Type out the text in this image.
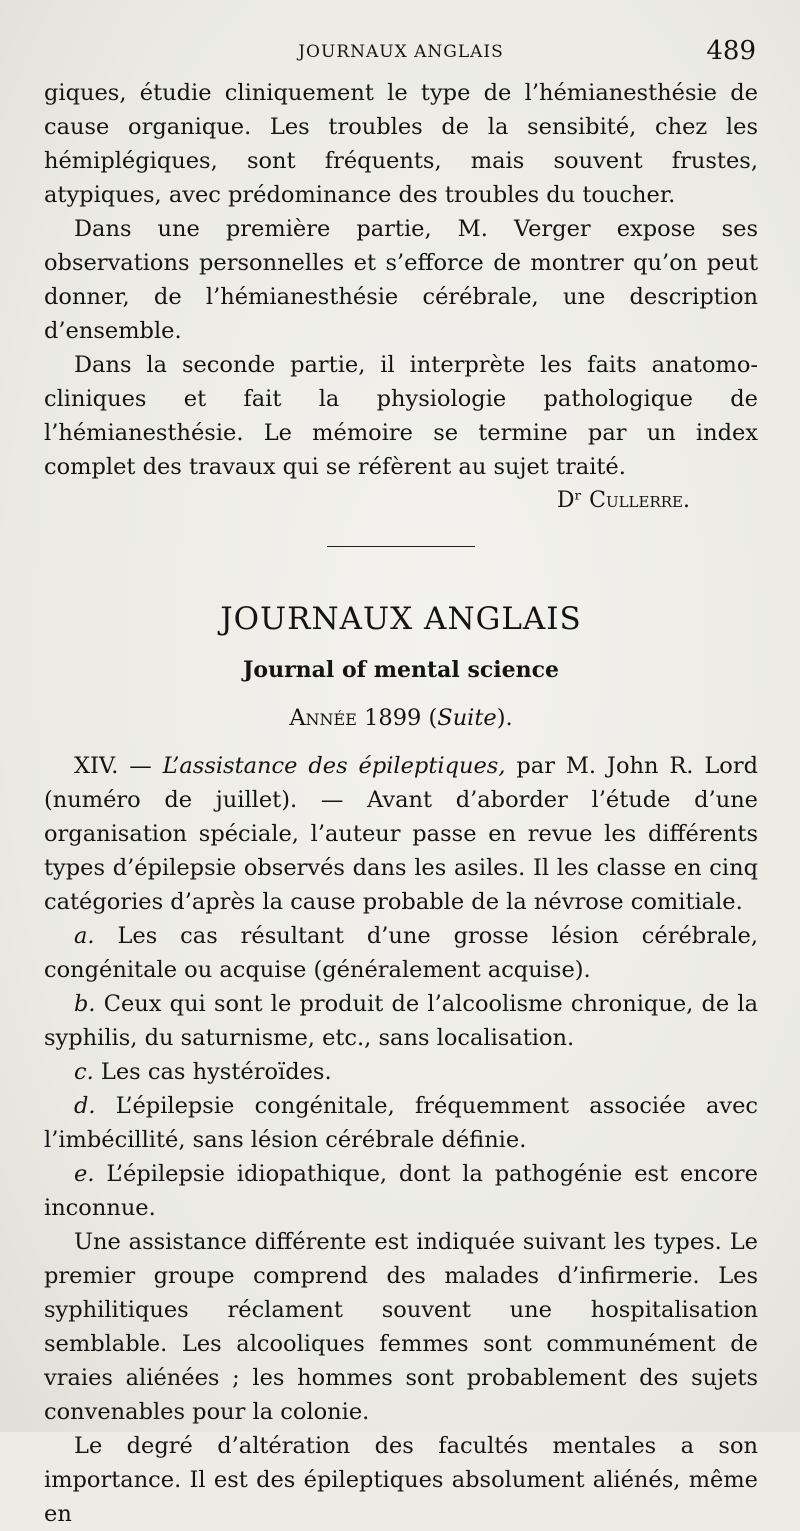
JOURNAUX ANGLAIS	489

giques, étudie cliniquement le type de l’hémianesthésie de cause organique. Les troubles de la sensibité, chez les hémiplégiques, sont fréquents, mais souvent frustes, atypiques, avec prédominance des troubles du toucher.

Dans une première partie, M. Verger expose ses observations personnelles et s’efforce de montrer qu’on peut donner, de l’hémianesthésie cérébrale, une description d’ensemble.

Dans la seconde partie, il interprète les faits anatomo-cliniques et fait la physiologie pathologique de l’hémianesthésie. Le mémoire se termine par un index complet des travaux qui se réfèrent au sujet traité.

Dʳ Cullerre.
JOURNAUX ANGLAIS
Journal of mental science
Année 1899 (Suite).

XIV. — L’assistance des épileptiques, par M. John R. Lord (numéro de juillet). — Avant d’aborder l’étude d’une organisation spéciale, l’auteur passe en revue les différents types d’épilepsie observés dans les asiles. Il les classe en cinq catégories d’après la cause probable de la névrose comitiale.

a. Les cas résultant d’une grosse lésion cérébrale, congénitale ou acquise (généralement acquise).

b. Ceux qui sont le produit de l’alcoolisme chronique, de la syphilis, du saturnisme, etc., sans localisation.

c. Les cas hystéroïdes.

d. L’épilepsie congénitale, fréquemment associée avec l’imbécillité, sans lésion cérébrale définie.

e. L’épilepsie idiopathique, dont la pathogénie est encore inconnue.

Une assistance différente est indiquée suivant les types. Le premier groupe comprend des malades d’infirmerie. Les syphilitiques réclament souvent une hospitalisation semblable. Les alcooliques femmes sont communément de vraies aliénées ; les hommes sont probablement des sujets convenables pour la colonie.

Le degré d’altération des facultés mentales a son importance. Il est des épileptiques absolument aliénés, même en
